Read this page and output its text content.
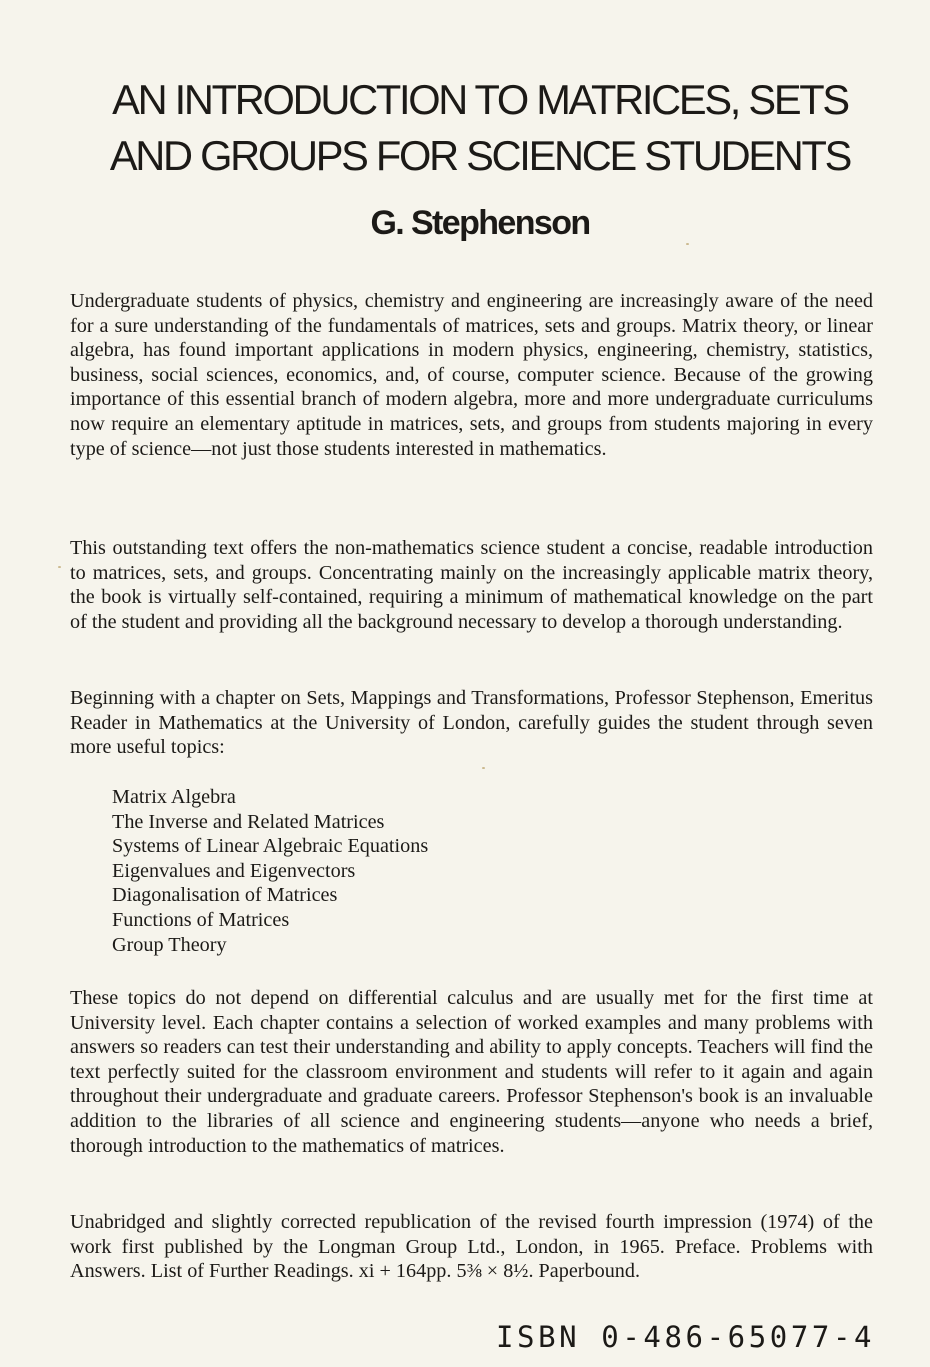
AN INTRODUCTION TO MATRICES, SETS
AND GROUPS FOR SCIENCE STUDENTS
G. Stephenson

Undergraduate students of physics, chemistry and engineering are increasingly aware of the need for a sure understanding of the fundamentals of matrices, sets and groups. Matrix theory, or linear algebra, has found important applications in modern physics, engineering, chemistry, statistics, business, social sciences, economics, and, of course, computer science. Because of the growing importance of this essential branch of modern algebra, more and more undergraduate curriculums now require an elementary aptitude in matrices, sets, and groups from students majoring in every type of science—not just those students interested in mathematics.

This outstanding text offers the non-mathematics science student a concise, readable introduction to matrices, sets, and groups. Concentrating mainly on the increasingly applicable matrix theory, the book is virtually self-contained, requiring a minimum of mathematical knowledge on the part of the student and providing all the background necessary to develop a thorough understanding.

Beginning with a chapter on Sets, Mappings and Transformations, Professor Stephenson, Emeritus Reader in Mathematics at the University of London, carefully guides the student through seven more useful topics:

Matrix Algebra
The Inverse and Related Matrices
Systems of Linear Algebraic Equations
Eigenvalues and Eigenvectors
Diagonalisation of Matrices
Functions of Matrices
Group Theory

These topics do not depend on differential calculus and are usually met for the first time at University level. Each chapter contains a selection of worked examples and many problems with answers so readers can test their understanding and ability to apply concepts. Teachers will find the text perfectly suited for the classroom environment and students will refer to it again and again throughout their undergraduate and graduate careers. Professor Stephenson's book is an invaluable addition to the libraries of all science and engineering students—anyone who needs a brief, thorough introduction to the mathematics of matrices.

Unabridged and slightly corrected republication of the revised fourth impression (1974) of the work first published by the Longman Group Ltd., London, in 1965. Preface. Problems with Answers. List of Further Readings. xi + 164pp. 5⅜ × 8½. Paperbound.

ISBN 0-486-65077-4
